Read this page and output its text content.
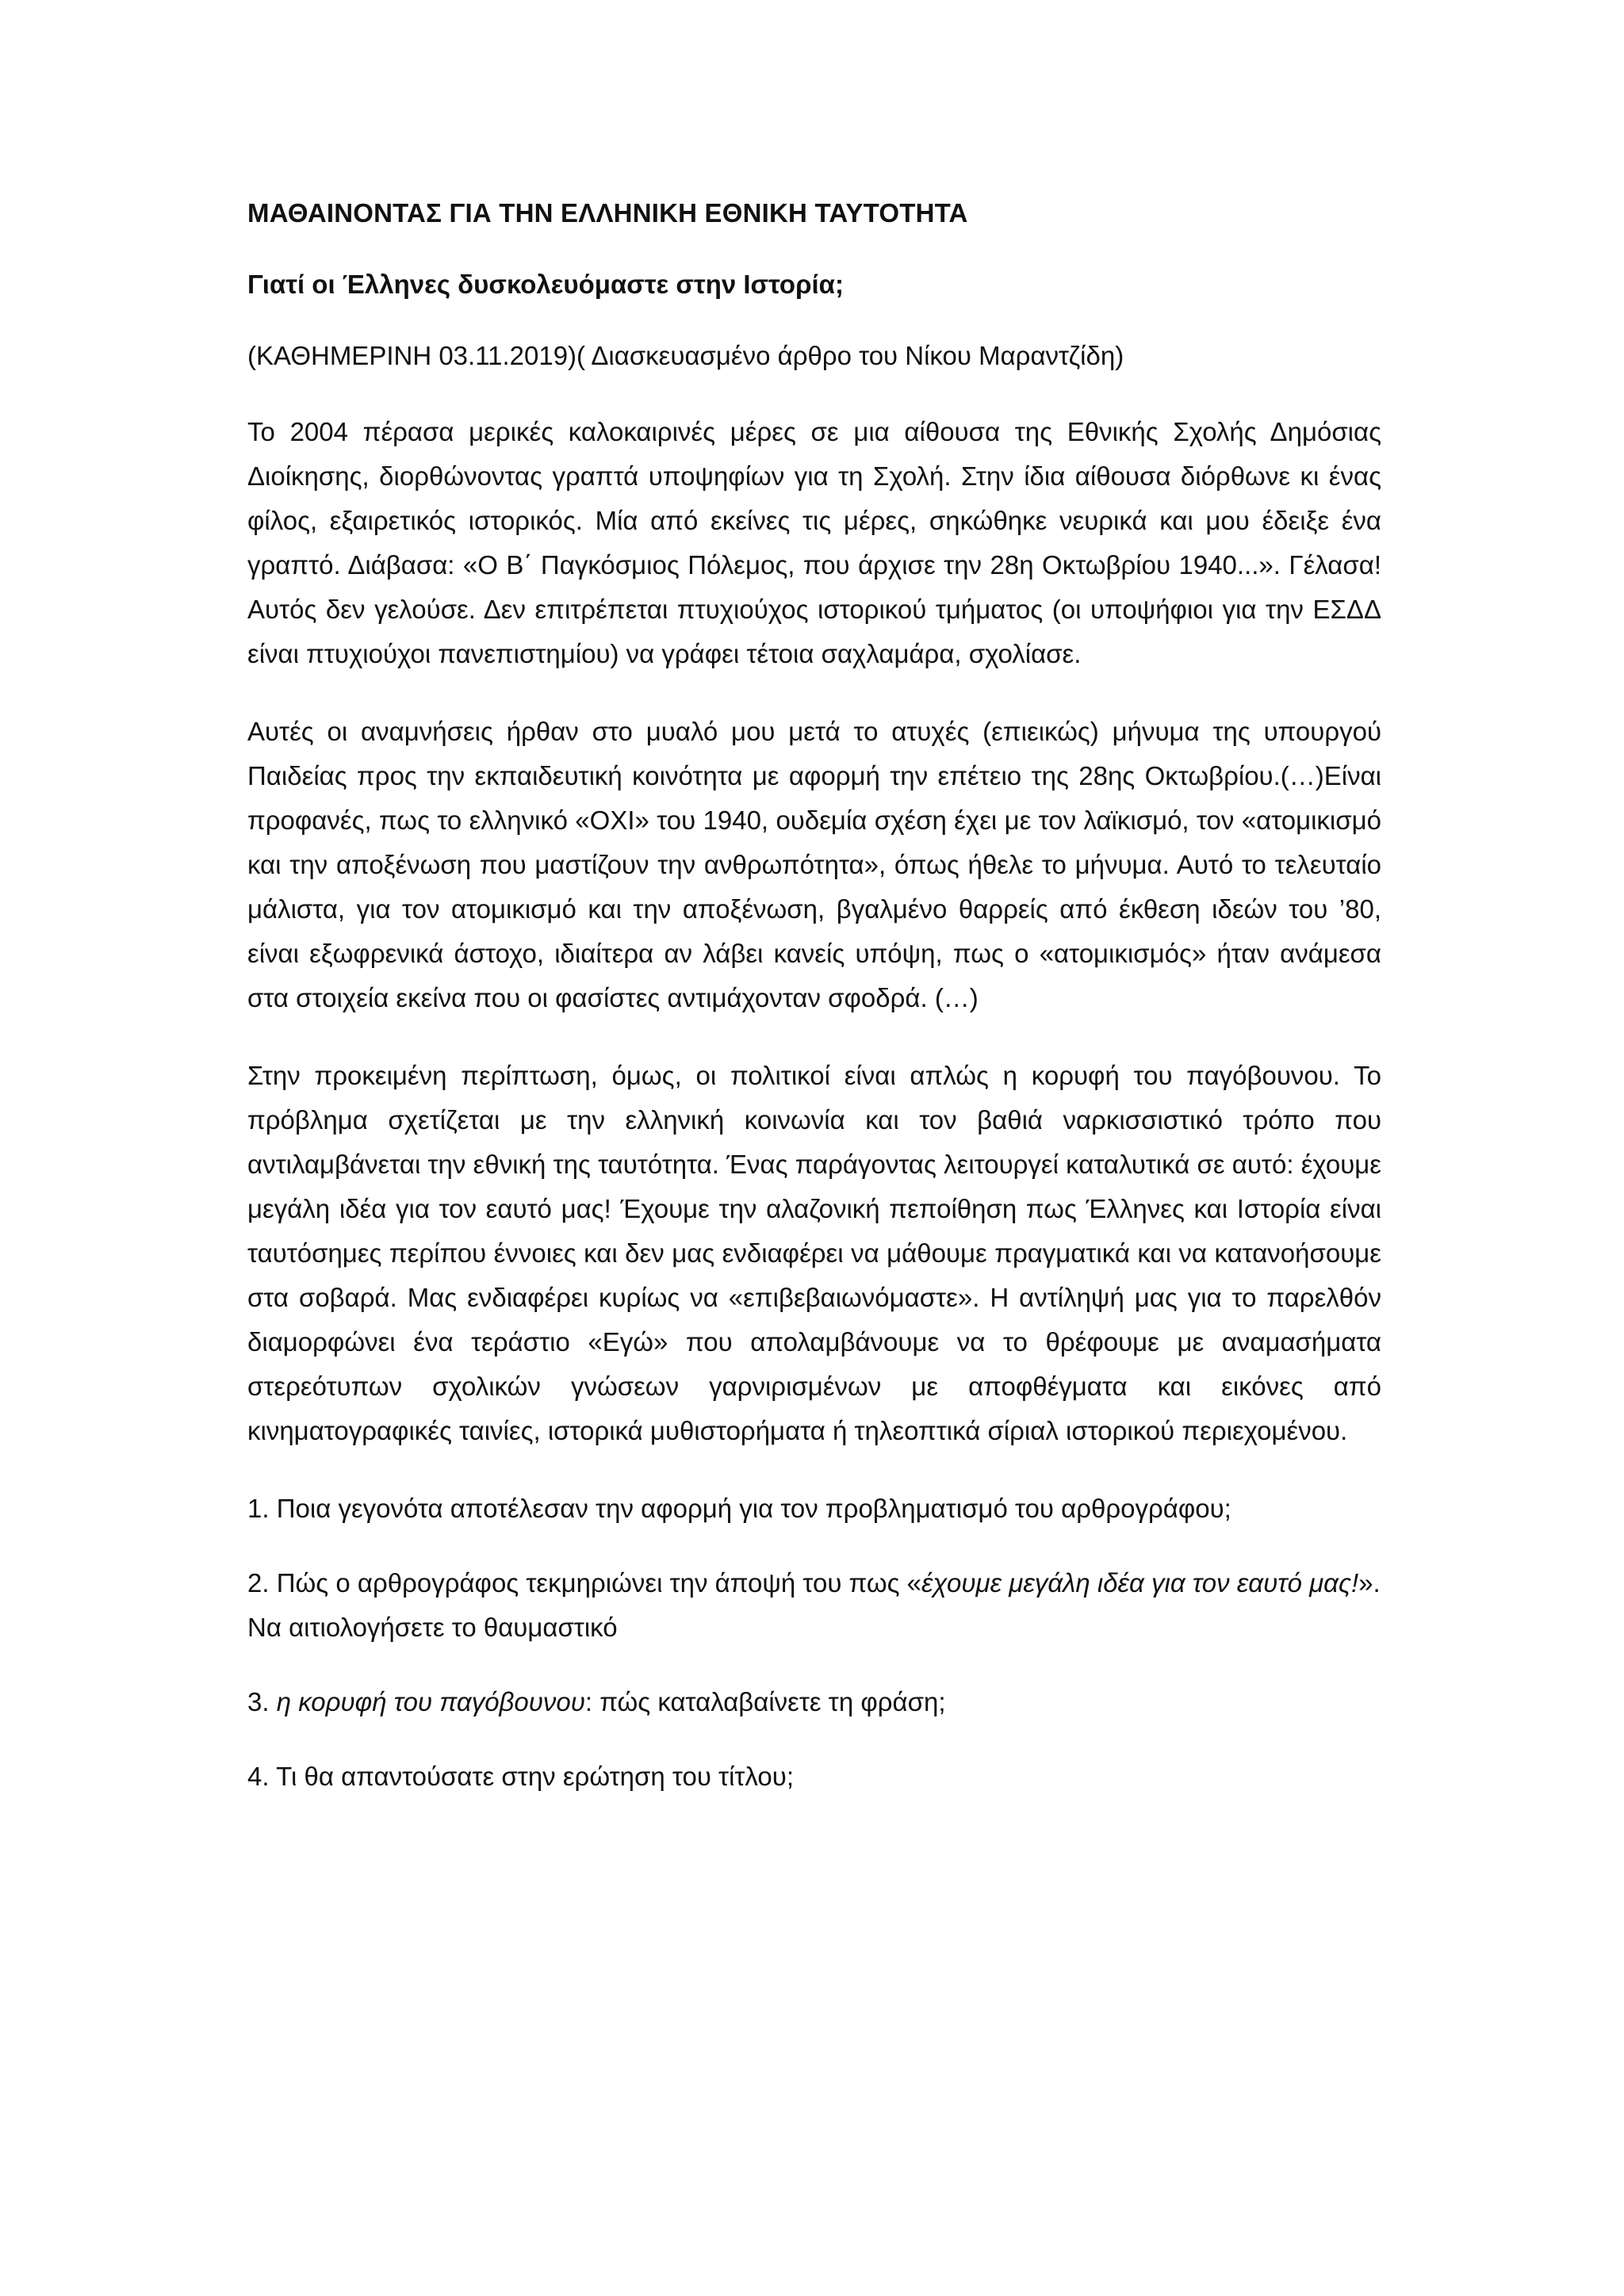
ΜΑΘΑΙΝΟΝΤΑΣ ΓΙΑ ΤΗΝ ΕΛΛΗΝΙΚΗ ΕΘΝΙΚΗ ΤΑΥΤΟΤΗΤΑ
Γιατί οι Έλληνες δυσκολευόμαστε στην Ιστορία;
(ΚΑΘΗΜΕΡΙΝΗ 03.11.2019)( Διασκευασμένο άρθρο του Νίκου Μαραντζίδη)

Το 2004 πέρασα μερικές καλοκαιρινές μέρες σε μια αίθουσα της Εθνικής Σχολής Δημόσιας Διοίκησης, διορθώνοντας γραπτά υποψηφίων για τη Σχολή. Στην ίδια αίθουσα διόρθωνε κι ένας φίλος, εξαιρετικός ιστορικός. Μία από εκείνες τις μέρες, σηκώθηκε νευρικά και μου έδειξε ένα γραπτό. Διάβασα: «Ο Β΄ Παγκόσμιος Πόλεμος, που άρχισε την 28η Οκτωβρίου 1940...». Γέλασα! Αυτός δεν γελούσε. Δεν επιτρέπεται πτυχιούχος ιστορικού τμήματος (οι υποψήφιοι για την ΕΣΔΔ είναι πτυχιούχοι πανεπιστημίου) να γράφει τέτοια σαχλαμάρα, σχολίασε.

Αυτές οι αναμνήσεις ήρθαν στο μυαλό μου μετά το ατυχές (επιεικώς) μήνυμα της υπουργού Παιδείας προς την εκπαιδευτική κοινότητα με αφορμή την επέτειο της 28ης Οκτωβρίου.(…)Είναι προφανές, πως το ελληνικό «ΟΧΙ» του 1940, ουδεμία σχέση έχει με τον λαϊκισμό, τον «ατομικισμό και την αποξένωση που μαστίζουν την ανθρωπότητα», όπως ήθελε το μήνυμα. Αυτό το τελευταίο μάλιστα, για τον ατομικισμό και την αποξένωση, βγαλμένο θαρρείς από έκθεση ιδεών του ’80, είναι εξωφρενικά άστοχο, ιδιαίτερα αν λάβει κανείς υπόψη, πως ο «ατομικισμός» ήταν ανάμεσα στα στοιχεία εκείνα που οι φασίστες αντιμάχονταν σφοδρά. (…)

Στην προκειμένη περίπτωση, όμως, οι πολιτικοί είναι απλώς η κορυφή του παγόβουνου. Το πρόβλημα σχετίζεται με την ελληνική κοινωνία και τον βαθιά ναρκισσιστικό τρόπο που αντιλαμβάνεται την εθνική της ταυτότητα. Ένας παράγοντας λειτουργεί καταλυτικά σε αυτό: έχουμε μεγάλη ιδέα για τον εαυτό μας! Έχουμε την αλαζονική πεποίθηση πως Έλληνες και Ιστορία είναι ταυτόσημες περίπου έννοιες και δεν μας ενδιαφέρει να μάθουμε πραγματικά και να κατανοήσουμε στα σοβαρά. Μας ενδιαφέρει κυρίως να «επιβεβαιωνόμαστε». Η αντίληψή μας για το παρελθόν διαμορφώνει ένα τεράστιο «Εγώ» που απολαμβάνουμε να το θρέφουμε με αναμασήματα στερεότυπων σχολικών γνώσεων γαρνιρισμένων με αποφθέγματα και εικόνες από κινηματογραφικές ταινίες, ιστορικά μυθιστορήματα ή τηλεοπτικά σίριαλ ιστορικού περιεχομένου.

1. Ποια γεγονότα αποτέλεσαν την αφορμή για τον προβληματισμό του αρθρογράφου;

2. Πώς ο αρθρογράφος τεκμηριώνει την άποψή του πως «έχουμε μεγάλη ιδέα για τον εαυτό μας!». Να αιτιολογήσετε το θαυμαστικό

3. η κορυφή του παγόβουνου: πώς καταλαβαίνετε τη φράση;

4. Τι θα απαντούσατε στην ερώτηση του τίτλου;
